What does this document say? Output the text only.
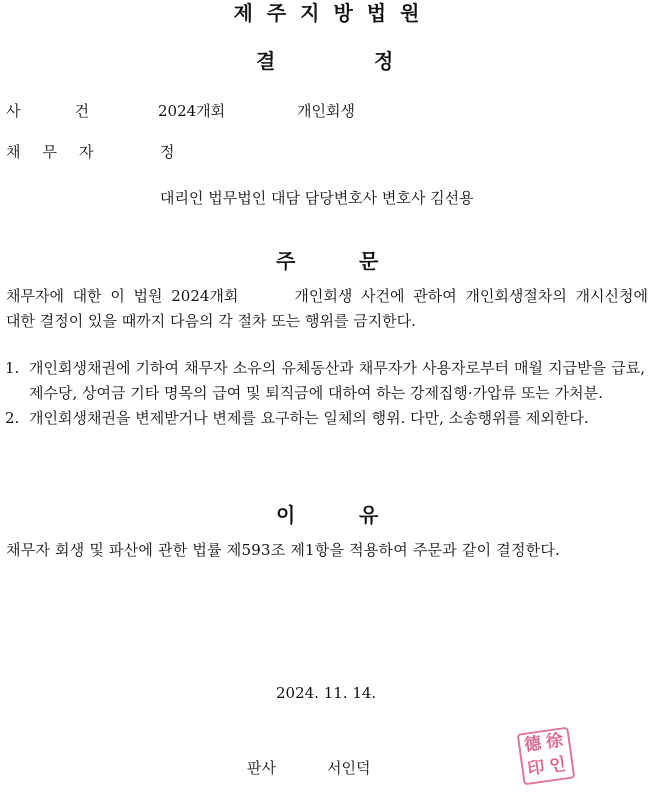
제주지방법원
결	정
사건 2024개회	개인회생
채무자	정
대리인 법무법인 대담 담당변호사 변호사 김선용
주	문
채무자에 대한 이 법원 2024개회	개인회생 사건에 관하여 개인회생절차의 개시신청에 대한 결정이 있을 때까지 다음의 각 절차 또는 행위를 금지한다.
1. 개인회생채권에 기하여 채무자 소유의 유체동산과 채무자가 사용자로부터 매월 지급받을 급료, 제수당, 상여금 기타 명목의 급여 및 퇴직금에 대하여 하는 강제집행·가압류 또는 가처분.
2. 개인회생채권을 변제받거나 변제를 요구하는 일체의 행위. 다만, 소송행위를 제외한다.
이	유
채무자 회생 및 파산에 관한 법률 제593조 제1항을 적용하여 주문과 같이 결정한다.
2024. 11. 14.
판사	서인덕
德 徐
印 인
